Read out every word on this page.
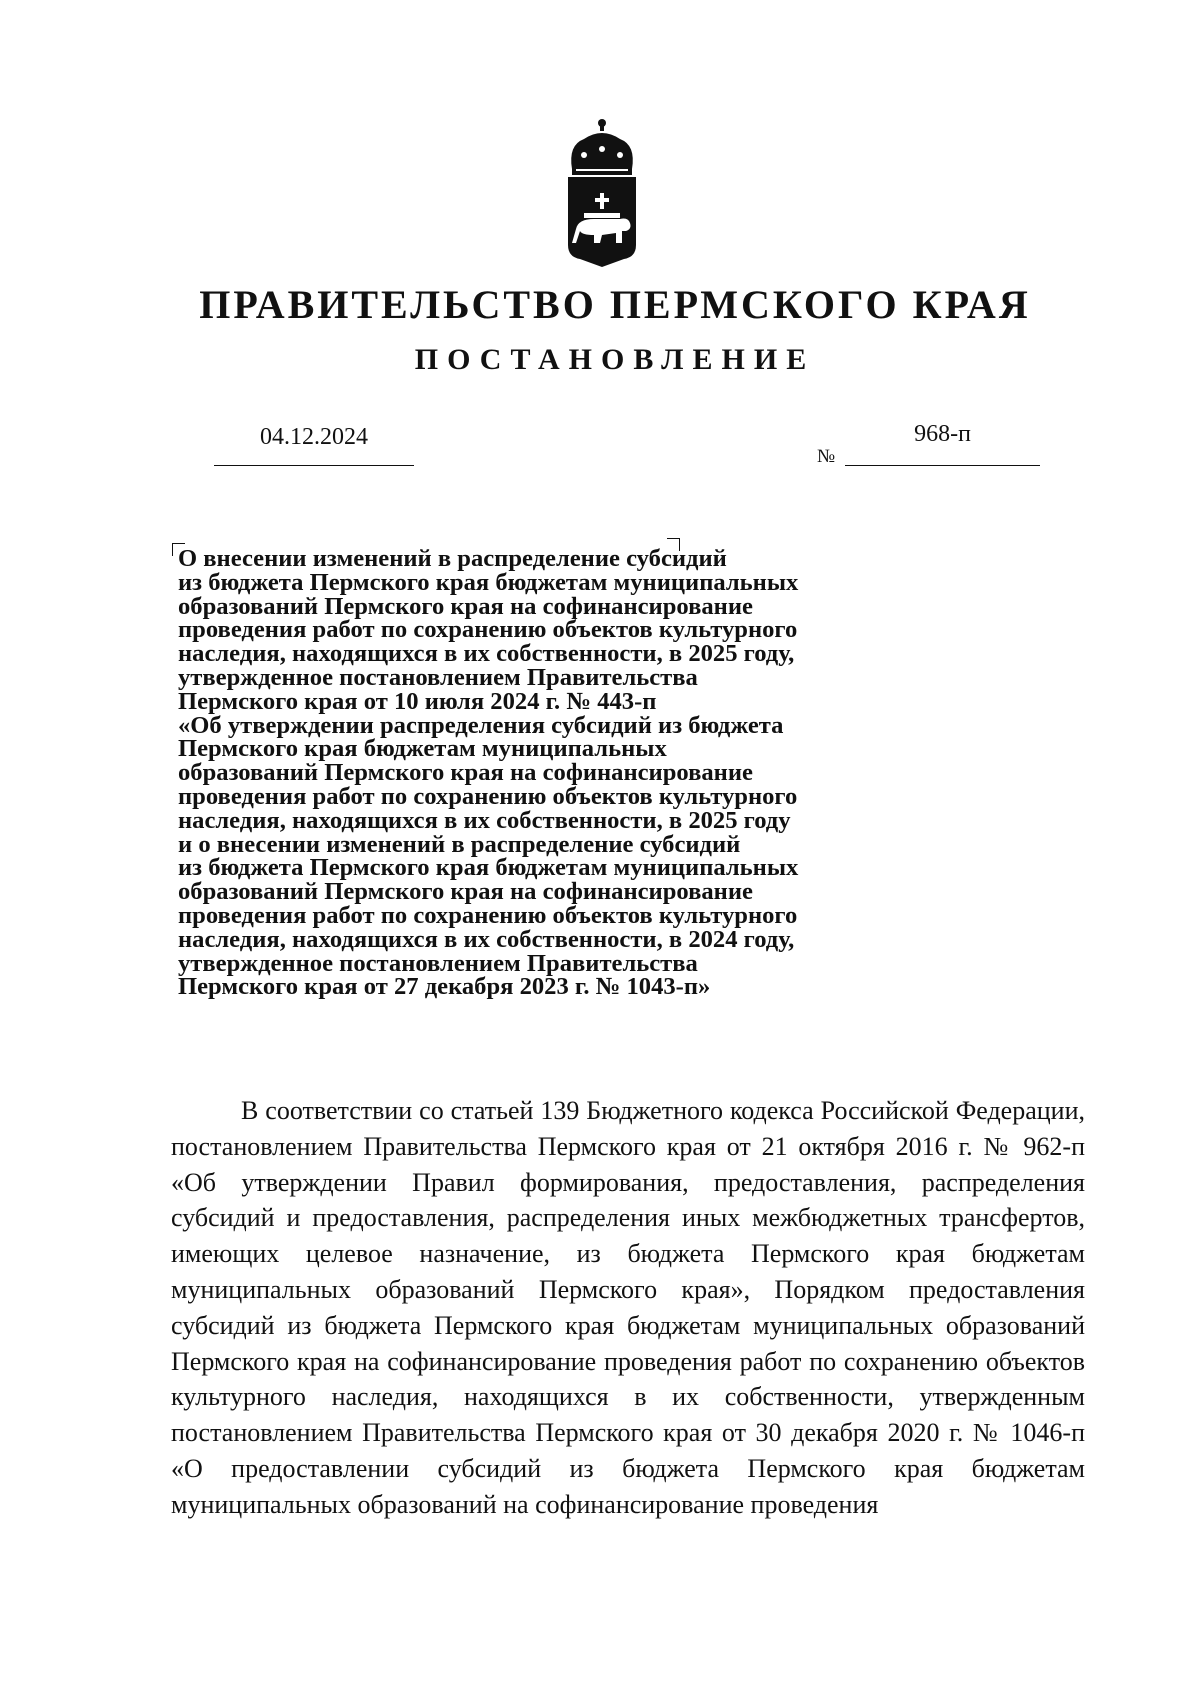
ПРАВИТЕЛЬСТВО ПЕРМСКОГО КРАЯ
ПОСТАНОВЛЕНИЕ
04.12.2024
№
968-п
О внесении изменений в распределение субсидий
из бюджета Пермского края бюджетам муниципальных
образований Пермского края на софинансирование
проведения работ по сохранению объектов культурного
наследия, находящихся в их собственности, в 2025 году,
утвержденное постановлением Правительства
Пермского края от 10 июля 2024 г. № 443-п
«Об утверждении распределения субсидий из бюджета
Пермского края бюджетам муниципальных
образований Пермского края на софинансирование
проведения работ по сохранению объектов культурного
наследия, находящихся в их собственности, в 2025 году
и о внесении изменений в распределение субсидий
из бюджета Пермского края бюджетам муниципальных
образований Пермского края на софинансирование
проведения работ по сохранению объектов культурного
наследия, находящихся в их собственности, в 2024 году,
утвержденное постановлением Правительства
Пермского края от 27 декабря 2023 г. № 1043-п»

В соответствии со статьей 139 Бюджетного кодекса Российской Федерации, постановлением Правительства Пермского края от 21 октября 2016 г. № 962-п «Об утверждении Правил формирования, предоставления, распределения субсидий и предоставления, распределения иных межбюджетных трансфертов, имеющих целевое назначение, из бюджета Пермского края бюджетам муниципальных образований Пермского края», Порядком предоставления субсидий из бюджета Пермского края бюджетам муниципальных образований Пермского края на софинансирование проведения работ по сохранению объектов культурного наследия, находящихся в их собственности, утвержденным постановлением Правительства Пермского края от 30 декабря 2020 г. № 1046-п «О предоставлении субсидий из бюджета Пермского края бюджетам муниципальных образований на софинансирование проведения
